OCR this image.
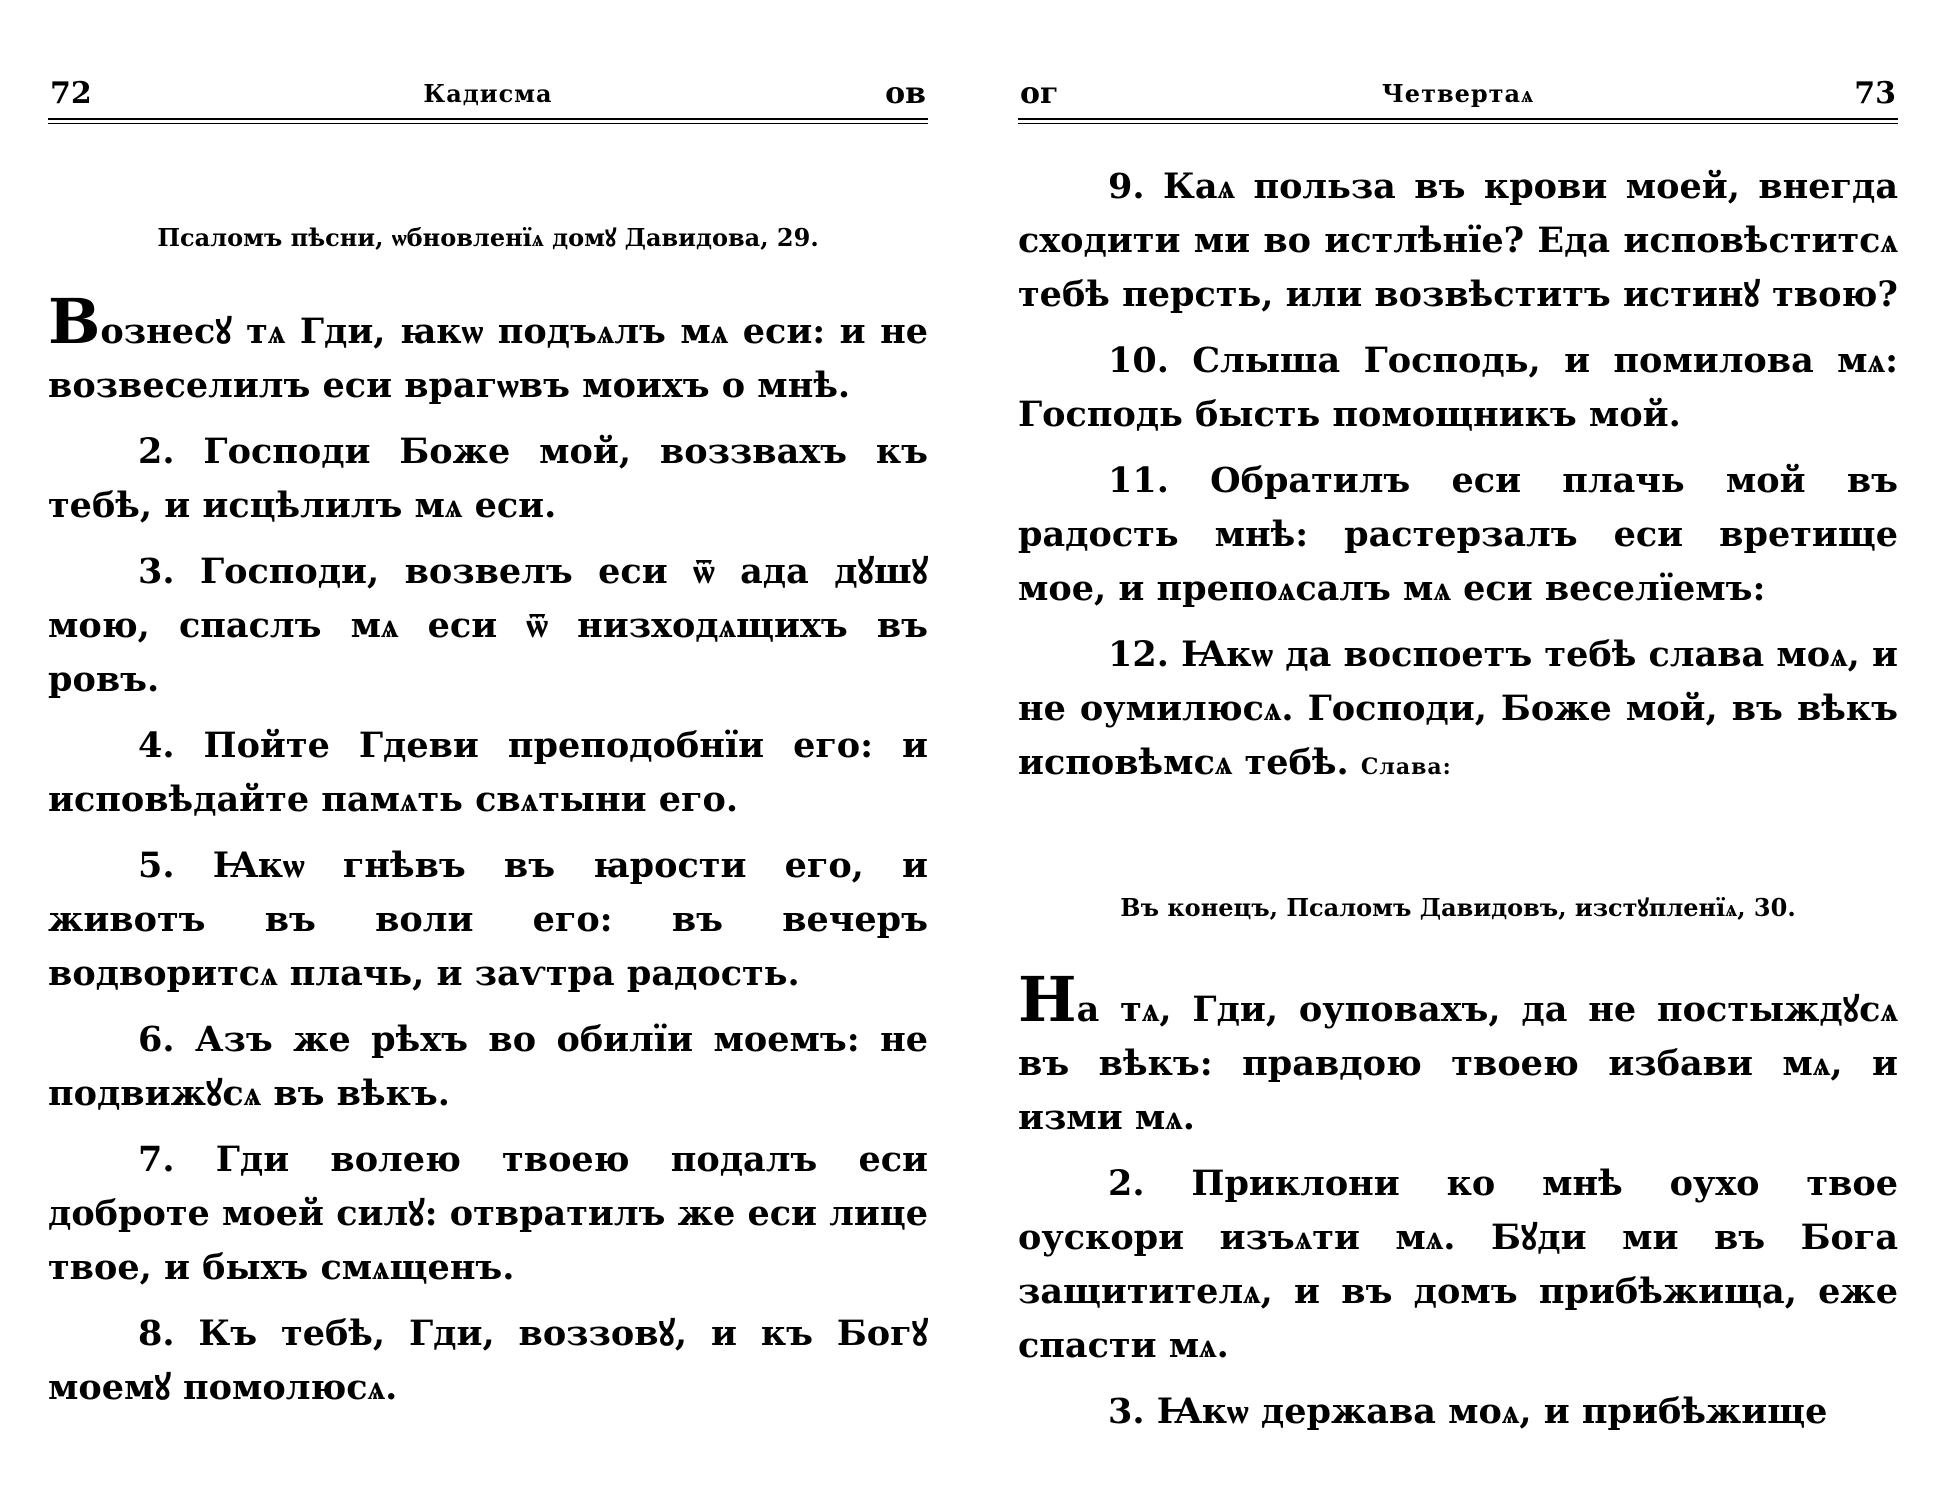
72	Кадисма	ов
Псаломъ пѣсни, ѡбновленїѧ домꙋ Давидова, 29.

Вознесꙋ тѧ Гди, ꙗкѡ подъѧлъ мѧ еси: и не возвеселилъ еси врагѡвъ моихъ о мнѣ.

2. Господи Боже мой, воззвахъ къ тебѣ, и исцѣлилъ мѧ еси.

3. Господи, возвелъ еси ѿ ада дꙋшꙋ мою, спаслъ мѧ еси ѿ низходѧщихъ въ ровъ.

4. Пойте Гдеви преподобнїи его: и исповѣдайте памѧть свѧтыни его.

5. Ꙗкѡ гнѣвъ въ ꙗрости его, и животъ въ воли его: въ вечеръ водворитсѧ плачь, и заѵтра радость.

6. Азъ же рѣхъ во обилїи моемъ: не подвижꙋсѧ въ вѣкъ.

7. Гди волею твоею подалъ еси доброте моей силꙋ: отвратилъ же еси лице твое, и быхъ смѧщенъ.

8. Къ тебѣ, Гди, воззовꙋ, и къ Богꙋ моемꙋ помолюсѧ.

ог	Четвертаѧ	73

9. Каѧ польза въ крови моей, внегда сходити ми во истлѣнїе? Еда исповѣститсѧ тебѣ персть, или возвѣститъ истинꙋ твою?

10. Слыша Господь, и помилова мѧ: Господь бысть помощникъ мой.

11. Обратилъ еси плачь мой въ радость мнѣ: растерзалъ еси вретище мое, и препоѧсалъ мѧ еси веселїемъ:

12. Ꙗкѡ да воспоетъ тебѣ слава моѧ, и не оумилюсѧ. Господи, Боже мой, въ вѣкъ исповѣмсѧ тебѣ. Слава:

Въ конецъ, Псаломъ Давидовъ, изстꙋпленїѧ, 30.

На тѧ, Гди, оуповахъ, да не постыждꙋсѧ въ вѣкъ: правдою твоею избави мѧ, и изми мѧ.

2. Приклони ко мнѣ оухо твое оускори изъѧти мѧ. Бꙋди ми въ Бога защитителѧ, и въ домъ прибѣжища, еже спасти мѧ.

3. Ꙗкѡ держава моѧ, и прибѣжище
